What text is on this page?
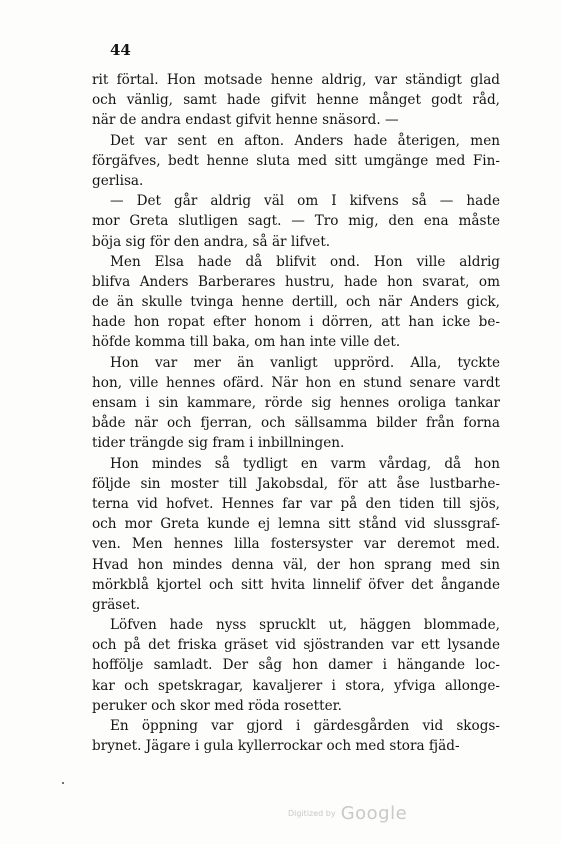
44

rit förtal. Hon motsade henne aldrig, var ständigt glad
och vänlig, samt hade gifvit henne månget godt råd,
när de andra endast gifvit henne snäsord. —
Det var sent en afton. Anders hade återigen, men
förgäfves, bedt henne sluta med sitt umgänge med Fin-
gerlisa.
— Det går aldrig väl om I kifvens så — hade
mor Greta slutligen sagt. — Tro mig, den ena måste
böja sig för den andra, så är lifvet.
Men Elsa hade då blifvit ond. Hon ville aldrig
blifva Anders Barberares hustru, hade hon svarat, om
de än skulle tvinga henne dertill, och när Anders gick,
hade hon ropat efter honom i dörren, att han icke be-
höfde komma till baka, om han inte ville det.
Hon var mer än vanligt upprörd. Alla, tyckte
hon, ville hennes ofärd. När hon en stund senare vardt
ensam i sin kammare, rörde sig hennes oroliga tankar
både när och fjerran, och sällsamma bilder från forna
tider trängde sig fram i inbillningen.
Hon mindes så tydligt en varm vårdag, då hon
följde sin moster till Jakobsdal, för att åse lustbarhe-
terna vid hofvet. Hennes far var på den tiden till sjös,
och mor Greta kunde ej lemna sitt stånd vid slussgraf-
ven. Men hennes lilla fostersyster var deremot med.
Hvad hon mindes denna väl, der hon sprang med sin
mörkblå kjortel och sitt hvita linnelif öfver det ångande
gräset.
Löfven hade nyss sprucklt ut, häggen blommade,
och på det friska gräset vid sjöstranden var ett lysande
hoffölje samladt. Der såg hon damer i hängande loc-
kar och spetskragar, kavaljerer i stora, yfviga allonge-
peruker och skor med röda rosetter.
En öppning var gjord i gärdesgården vid skogs-
brynet. Jägare i gula kyllerrockar och med stora fjäd-
Digitized by Google
